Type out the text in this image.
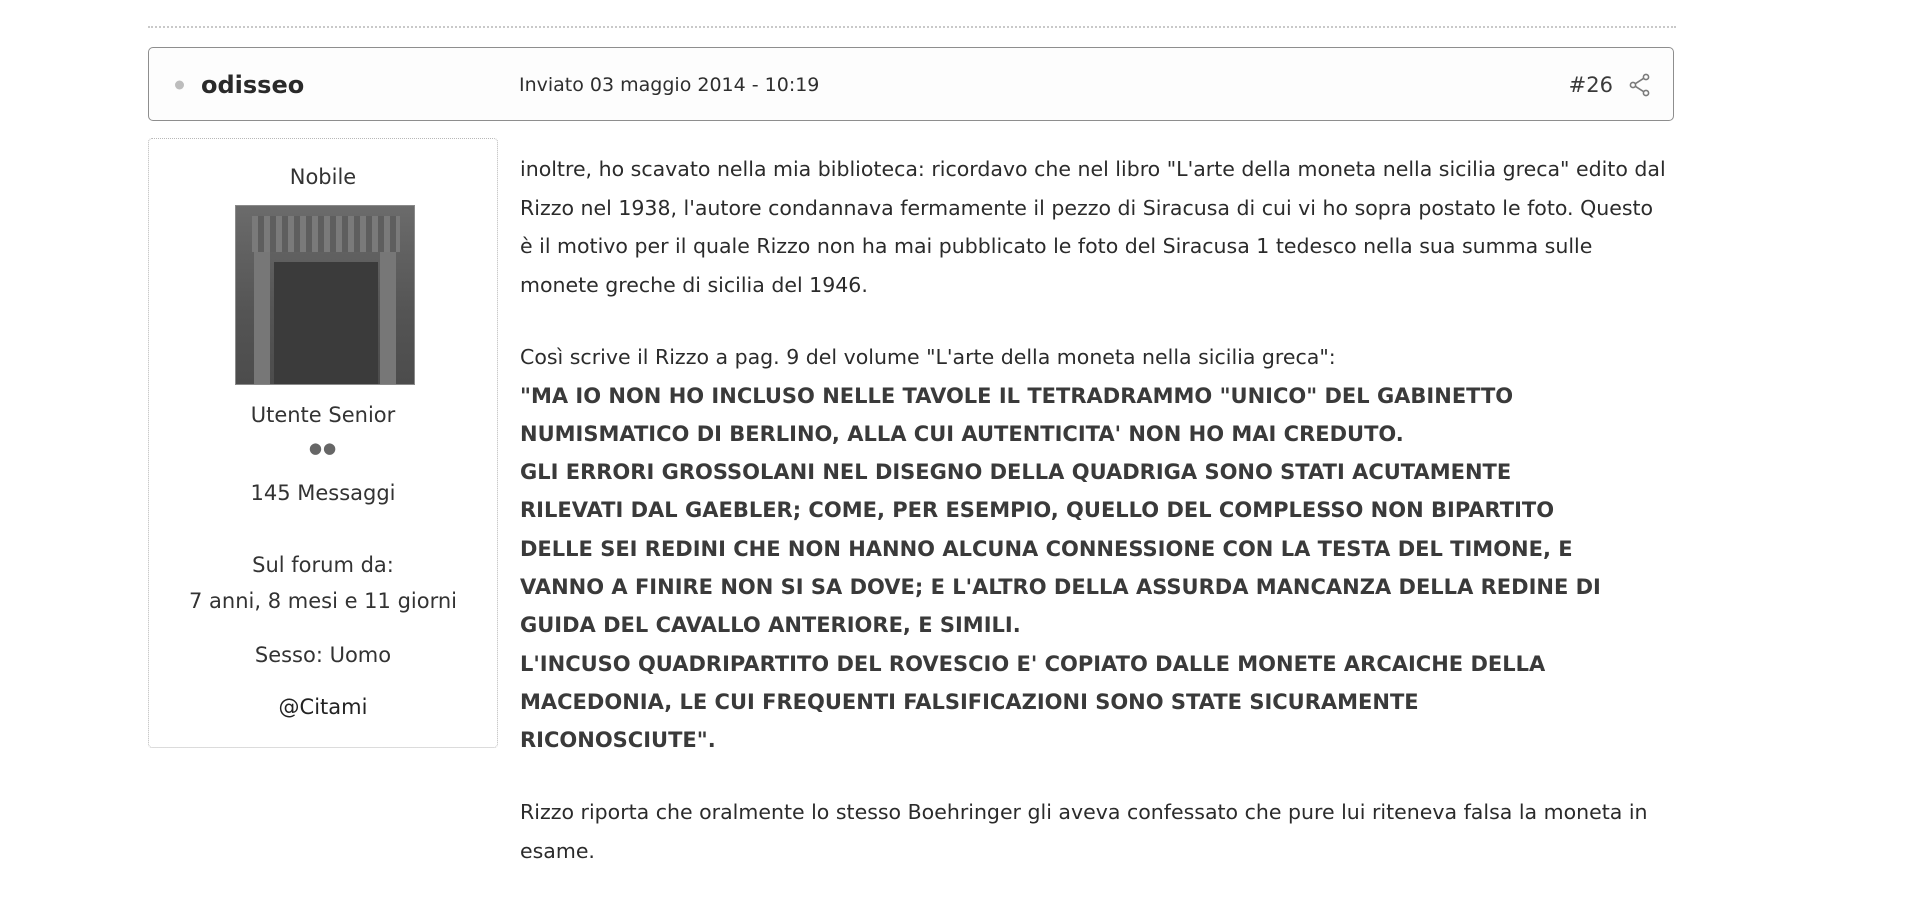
odisseo	Inviato 03 maggio 2014 - 10:19	#26
Nobile
Utente Senior
●●
145 Messaggi
Sul forum da:
7 anni, 8 mesi e 11 giorni
Sesso: Uomo
@Citami

inoltre, ho scavato nella mia biblioteca: ricordavo che nel libro "L'arte della moneta nella sicilia greca" edito dal Rizzo nel 1938, l'autore condannava fermamente il pezzo di Siracusa di cui vi ho sopra postato le foto. Questo è il motivo per il quale Rizzo non ha mai pubblicato le foto del Siracusa 1 tedesco nella sua summa sulle monete greche di sicilia del 1946.

Così scrive il Rizzo a pag. 9 del volume "L'arte della moneta nella sicilia greca":

"MA IO NON HO INCLUSO NELLE TAVOLE IL TETRADRAMMO "UNICO" DEL GABINETTO
NUMISMATICO DI BERLINO, ALLA CUI AUTENTICITA' NON HO MAI CREDUTO.
GLI ERRORI GROSSOLANI NEL DISEGNO DELLA QUADRIGA SONO STATI ACUTAMENTE
RILEVATI DAL GAEBLER; COME, PER ESEMPIO, QUELLO DEL COMPLESSO NON BIPARTITO
DELLE SEI REDINI CHE NON HANNO ALCUNA CONNESSIONE CON LA TESTA DEL TIMONE, E
VANNO A FINIRE NON SI SA DOVE; E L'ALTRO DELLA ASSURDA MANCANZA DELLA REDINE DI
GUIDA DEL CAVALLO ANTERIORE, E SIMILI.
L'INCUSO QUADRIPARTITO DEL ROVESCIO E' COPIATO DALLE MONETE ARCAICHE DELLA
MACEDONIA, LE CUI FREQUENTI FALSIFICAZIONI SONO STATE SICURAMENTE
RICONOSCIUTE".

Rizzo riporta che oralmente lo stesso Boehringer gli aveva confessato che pure lui riteneva falsa la moneta in esame.
